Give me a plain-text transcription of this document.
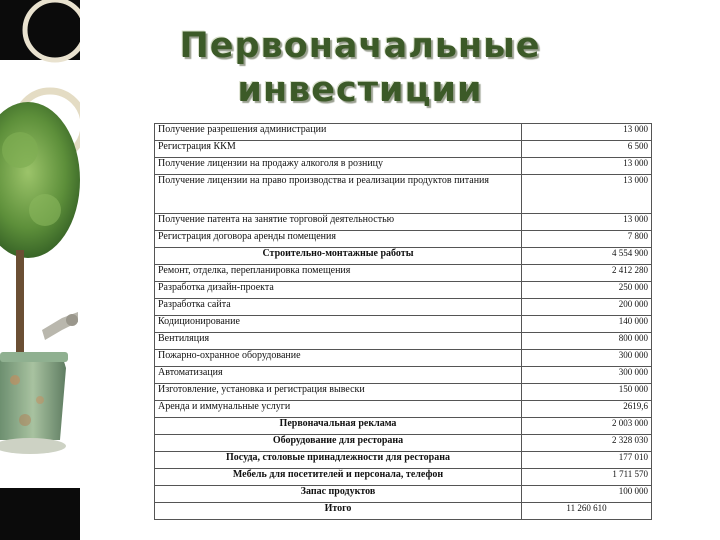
Первоначальные
инвестиции
Получение разрешения администрации	13 000
Регистрация ККМ	6 500
Получение лицензии на продажу алкоголя в розницу	13 000
Получение лицензии на право производства и реализации продуктов питания	13 000
Получение патента на занятие торговой деятельностью	13 000
Регистрация договора аренды помещения	7 800
Строительно-монтажные работы	4 554 900
Ремонт, отделка, перепланировка помещения	2 412 280
Разработка дизайн-проекта	250 000
Разработка сайта	200 000
Кодиционирование	140 000
Вентиляция	800 000
Пожарно-охранное оборудование	300 000
Автоматизация	300 000
Изготовление, установка и регистрация вывески	150 000
Аренда и иммунальные услуги	2619,6
Первоначальная реклама	2 003 000
Оборудование для ресторана	2 328 030
Посуда, столовые принадлежности для ресторана	177 010
Мебель для посетителей и персонала, телефон	1 711 570
Запас продуктов	100 000
Итого	11 260 610
